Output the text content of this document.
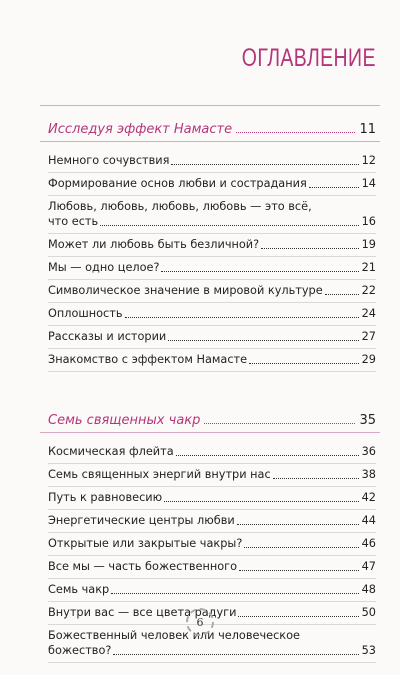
ОГЛАВЛЕНИЕ
Исследуя эффект Намасте	11
Немного сочувствия	12
Формирование основ любви и сострадания	14
Любовь, любовь, любовь, любовь — это всё,
что есть	16
Может ли любовь быть безличной?	19
Мы — одно целое?	21
Символическое значение в мировой культуре	22
Оплошность	24
Рассказы и истории	27
Знакомство с эффектом Намасте	29
Семь священных чакр	35
Космическая флейта	36
Семь священных энергий внутри нас	38
Путь к равновесию	42
Энергетические центры любви	44
Открытые или закрытые чакры?	46
Все мы — часть божественного	47
Семь чакр	48
Внутри вас — все цвета радуги	50
Божественный человек или человеческое
божество?	53
6
